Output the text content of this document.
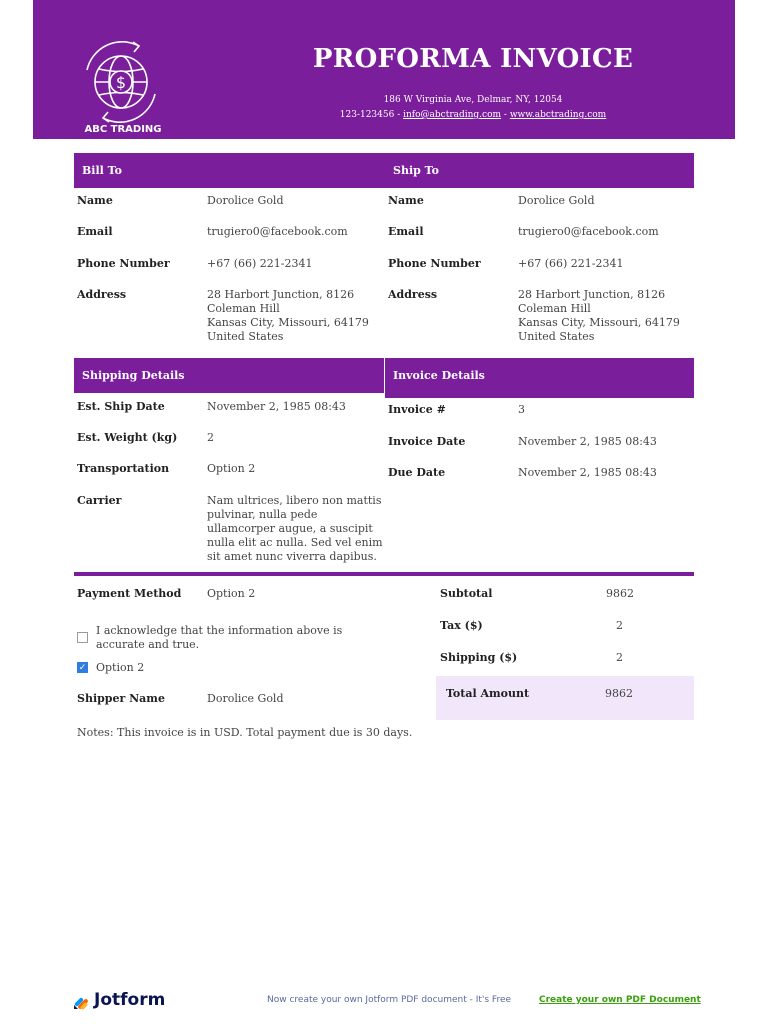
$
ABC TRADING
PROFORMA INVOICE
186 W Virginia Ave, Delmar, NY, 12054
123-123456 - info@abctrading.com - www.abctrading.com
Bill To	Ship To
Name	Dorolice Gold
Email	trugiero0@facebook.com
Phone Number	+67 (66) 221-2341
Address	28 Harbort Junction, 8126
Coleman Hill
Kansas City, Missouri, 64179
United States
Name	Dorolice Gold
Email	trugiero0@facebook.com
Phone Number	+67 (66) 221-2341
Address	28 Harbort Junction, 8126
Coleman Hill
Kansas City, Missouri, 64179
United States
Shipping Details	Invoice Details
Est. Ship Date	November 2, 1985 08:43
Est. Weight (kg)	2
Transportation	Option 2
Carrier	Nam ultrices, libero non mattis
pulvinar, nulla pede
ullamcorper augue, a suscipit
nulla elit ac nulla. Sed vel enim
sit amet nunc viverra dapibus.
Invoice #	3
Invoice Date	November 2, 1985 08:43
Due Date	November 2, 1985 08:43
Payment Method Option 2
I acknowledge that the information above is
accurate and true.
✓ Option 2
Shipper Name	Dorolice Gold
Notes: This invoice is in USD. Total payment due is 30 days.
Subtotal	9862
Tax ($)	2
Shipping ($)	2
Total Amount	9862
Jotform	Now create your own Jotform PDF document - It's Free	Create your own PDF Document
